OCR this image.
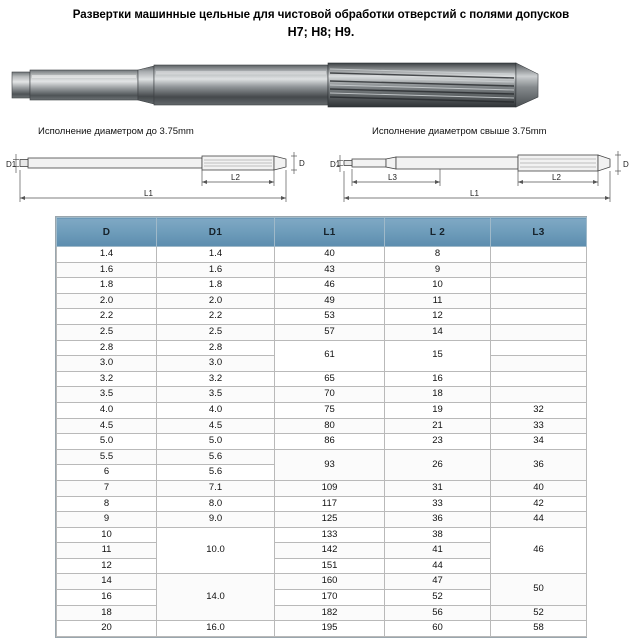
Развертки машинные цельные для чистовой обработки отверстий с полями допусков
H7; H8; H9.
Исполнение диаметром до 3.75mm	Исполнение диаметром свыше 3.75mm
D1	D
L2
L1
D1	D
L3	L2
L1
D	D1	L1	L 2	L3
1.4	1.4	40	8	
1.6	1.6	43	9	
1.8	1.8	46	10	
2.0	2.0	49	11	
2.2	2.2	53	12	
2.5	2.5	57	14	
2.8	2.8	61	15	
3.0	3.0			
3.2	3.2	65	16	
3.5	3.5	70	18	
4.0	4.0	75	19	32
4.5	4.5	80	21	33
5.0	5.0	86	23	34
5.5	5.6	93	26	36
6	5.6			
7	7.1	109	31	40
8	8.0	117	33	42
9	9.0	125	36	44
10	10.0	133	38	46
11		142	41	
12		151	44	
14	14.0	160	47	50
16		170	52	
18		182	56	52
20	16.0	195	60	58
